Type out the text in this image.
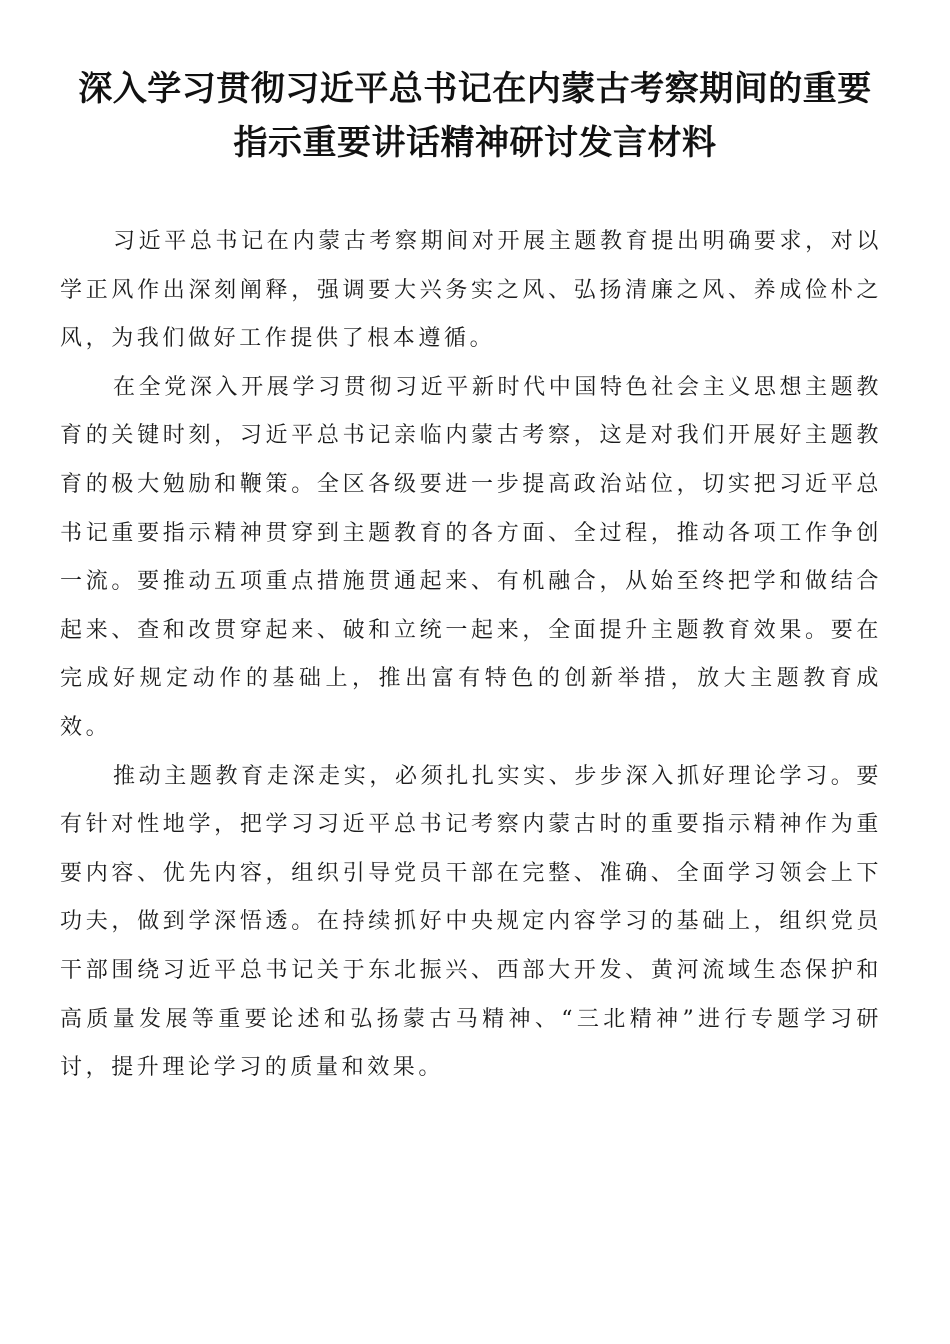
深入学习贯彻习近平总书记在内蒙古考察期间的重要
指示重要讲话精神研讨发言材料

习近平总书记在内蒙古考察期间对开展主题教育提出明确要求，对以学正风作出深刻阐释，强调要大兴务实之风、弘扬清廉之风、养成俭朴之风，为我们做好工作提供了根本遵循。

在全党深入开展学习贯彻习近平新时代中国特色社会主义思想主题教育的关键时刻，习近平总书记亲临内蒙古考察，这是对我们开展好主题教育的极大勉励和鞭策。全区各级要进一步提高政治站位，切实把习近平总书记重要指示精神贯穿到主题教育的各方面、全过程，推动各项工作争创一流。要推动五项重点措施贯通起来、有机融合，从始至终把学和做结合起来、查和改贯穿起来、破和立统一起来，全面提升主题教育效果。要在完成好规定动作的基础上，推出富有特色的创新举措，放大主题教育成效。

推动主题教育走深走实，必须扎扎实实、步步深入抓好理论学习。要有针对性地学，把学习习近平总书记考察内蒙古时的重要指示精神作为重要内容、优先内容，组织引导党员干部在完整、准确、全面学习领会上下功夫，做到学深悟透。在持续抓好中央规定内容学习的基础上，组织党员干部围绕习近平总书记关于东北振兴、西部大开发、黄河流域生态保护和高质量发展等重要论述和弘扬蒙古马精神、“三北精神”进行专题学习研讨，提升理论学习的质量和效果。
